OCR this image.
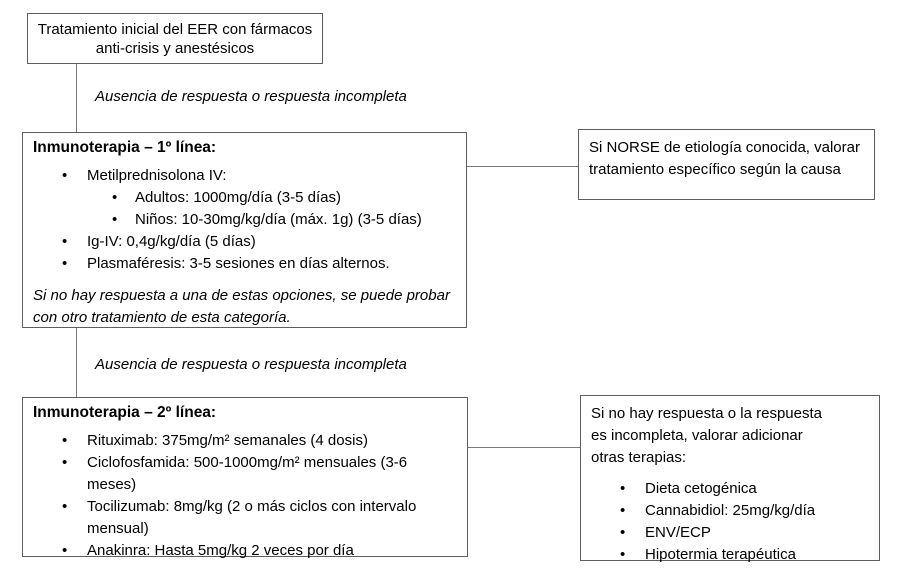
Tratamiento inicial del EER con fármacos anti-crisis y anestésicos
Ausencia de respuesta o respuesta incompleta
Inmunoterapia – 1º línea:
• Metilprednisolona IV:
• Adultos: 1000mg/día (3-5 días)
• Niños: 10-30mg/kg/día (máx. 1g) (3-5 días)
• Ig-IV: 0,4g/kg/día (5 días)
• Plasmaféresis: 3-5 sesiones en días alternos.
Si no hay respuesta a una de estas opciones, se puede probar con otro tratamiento de esta categoría.
Si NORSE de etiología conocida, valorar tratamiento específico según la causa
Ausencia de respuesta o respuesta incompleta
Inmunoterapia – 2º línea:
• Rituximab: 375mg/m² semanales (4 dosis)
• Ciclofosfamida: 500-1000mg/m² mensuales (3-6 meses)
• Tocilizumab: 8mg/kg (2 o más ciclos con intervalo mensual)
• Anakinra: Hasta 5mg/kg 2 veces por día
Si no hay respuesta o la respuesta es incompleta, valorar adicionar otras terapias:
• Dieta cetogénica
• Cannabidiol: 25mg/kg/día
• ENV/ECP
• Hipotermia terapéutica
